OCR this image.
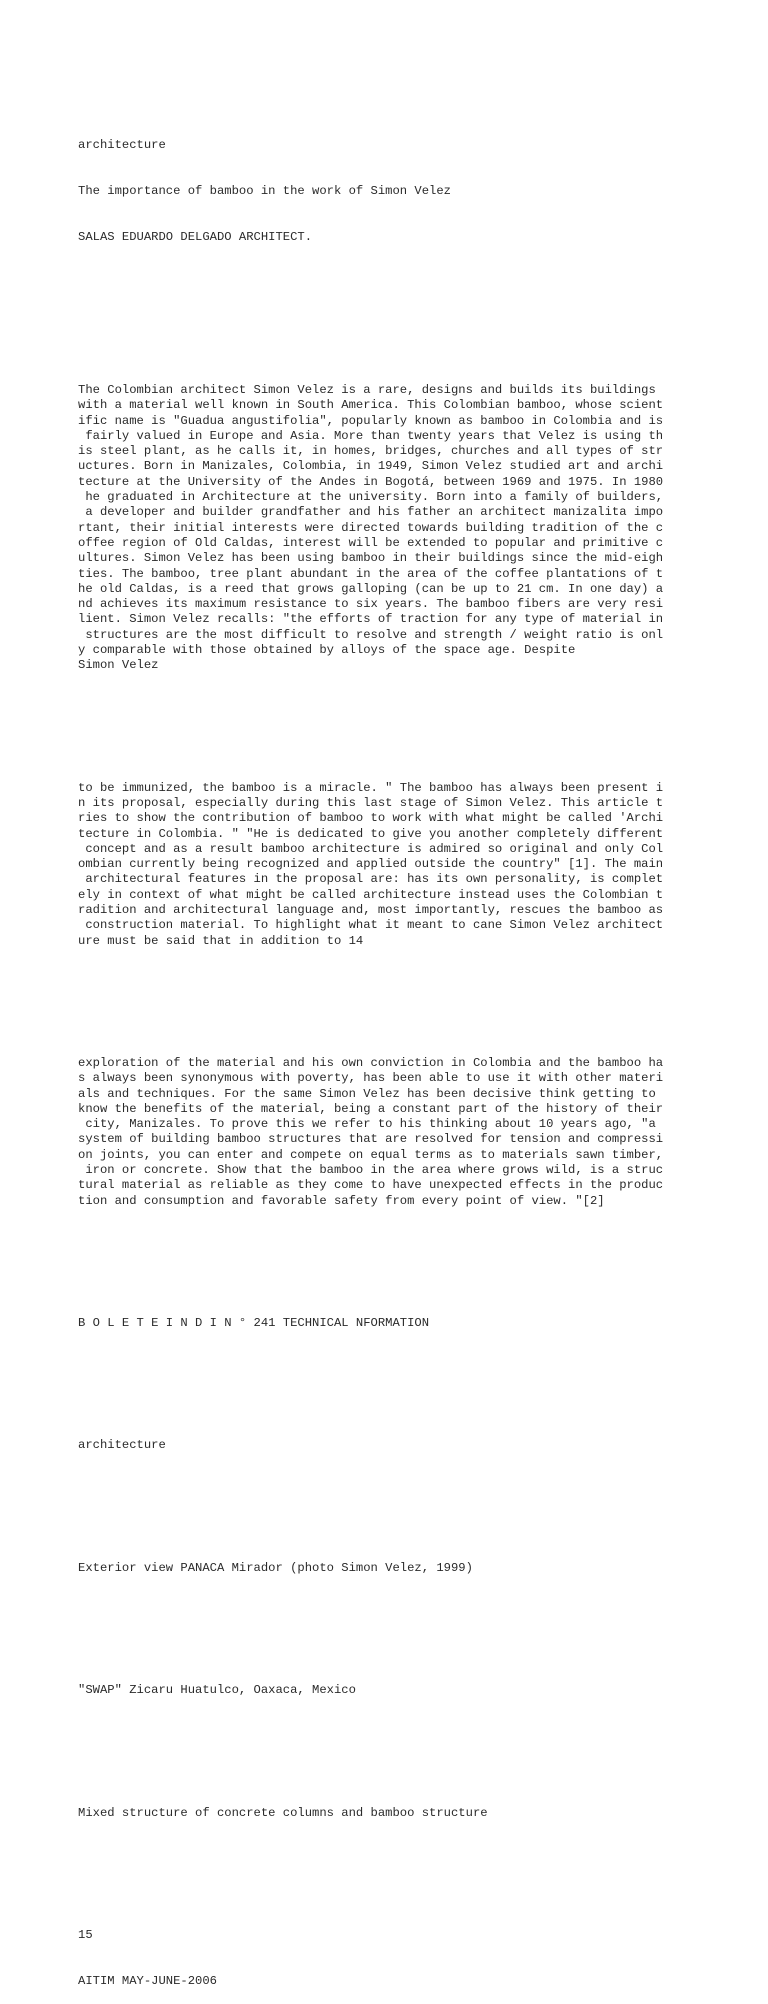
architecture

The importance of bamboo in the work of Simon Velez

SALAS EDUARDO DELGADO ARCHITECT.

The Colombian architect Simon Velez is a rare, designs and builds its buildings
with a material well known in South America. This Colombian bamboo, whose scient
ific name is "Guadua angustifolia", popularly known as bamboo in Colombia and is
fairly valued in Europe and Asia. More than twenty years that Velez is using th
is steel plant, as he calls it, in homes, bridges, churches and all types of str
uctures. Born in Manizales, Colombia, in 1949, Simon Velez studied art and archi
tecture at the University of the Andes in Bogotá, between 1969 and 1975. In 1980
he graduated in Architecture at the university. Born into a family of builders,
a developer and builder grandfather and his father an architect manizalita impo
rtant, their initial interests were directed towards building tradition of the c
offee region of Old Caldas, interest will be extended to popular and primitive c
ultures. Simon Velez has been using bamboo in their buildings since the mid-eigh
ties. The bamboo, tree plant abundant in the area of the coffee plantations of t
he old Caldas, is a reed that grows galloping (can be up to 21 cm. In one day) a
nd achieves its maximum resistance to six years. The bamboo fibers are very resi
lient. Simon Velez recalls: "the efforts of traction for any type of material in
structures are the most difficult to resolve and strength / weight ratio is onl
y comparable with those obtained by alloys of the space age. Despite
Simon Velez

to be immunized, the bamboo is a miracle. " The bamboo has always been present i
n its proposal, especially during this last stage of Simon Velez. This article t
ries to show the contribution of bamboo to work with what might be called 'Archi
tecture in Colombia. " "He is dedicated to give you another completely different
concept and as a result bamboo architecture is admired so original and only Col
ombian currently being recognized and applied outside the country" [1]. The main
architectural features in the proposal are: has its own personality, is complet
ely in context of what might be called architecture instead uses the Colombian t
radition and architectural language and, most importantly, rescues the bamboo as
construction material. To highlight what it meant to cane Simon Velez architect
ure must be said that in addition to 14

exploration of the material and his own conviction in Colombia and the bamboo ha
s always been synonymous with poverty, has been able to use it with other materi
als and techniques. For the same Simon Velez has been decisive think getting to
know the benefits of the material, being a constant part of the history of their
city, Manizales. To prove this we refer to his thinking about 10 years ago, "a
system of building bamboo structures that are resolved for tension and compressi
on joints, you can enter and compete on equal terms as to materials sawn timber,
iron or concrete. Show that the bamboo in the area where grows wild, is a struc
tural material as reliable as they come to have unexpected effects in the produc
tion and consumption and favorable safety from every point of view. "[2]

B O L E T E I N D I N ° 241 TECHNICAL NFORMATION

architecture

Exterior view PANACA Mirador (photo Simon Velez, 1999)

"SWAP" Zicaru Huatulco, Oaxaca, Mexico

Mixed structure of concrete columns and bamboo structure

15

AITIM MAY-JUNE-2006
